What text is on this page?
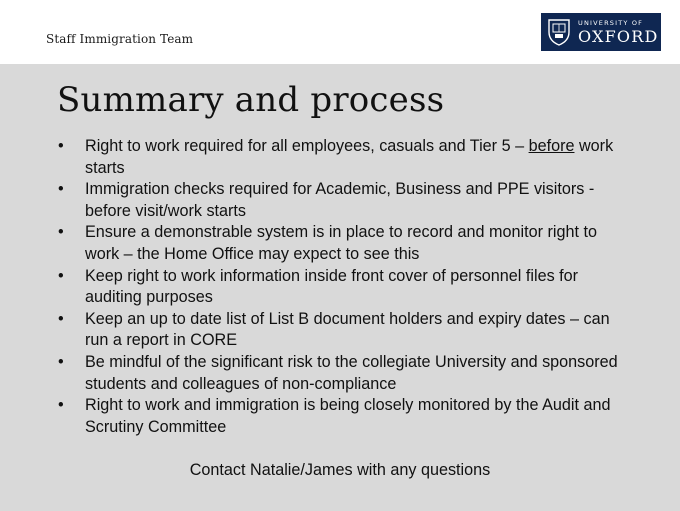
Staff Immigration Team
UNIVERSITY OF
OXFORD
Summary and process
• Right to work required for all employees, casuals and Tier 5 – before work starts
• Immigration checks required for Academic, Business and PPE visitors - before visit/work starts
• Ensure a demonstrable system is in place to record and monitor right to work – the Home Office may expect to see this
• Keep right to work information inside front cover of personnel files for auditing purposes
• Keep an up to date list of List B document holders and expiry dates – can run a report in CORE
• Be mindful of the significant risk to the collegiate University and sponsored students and colleagues of non-compliance
• Right to work and immigration is being closely monitored by the Audit and Scrutiny Committee
Contact Natalie/James with any questions
